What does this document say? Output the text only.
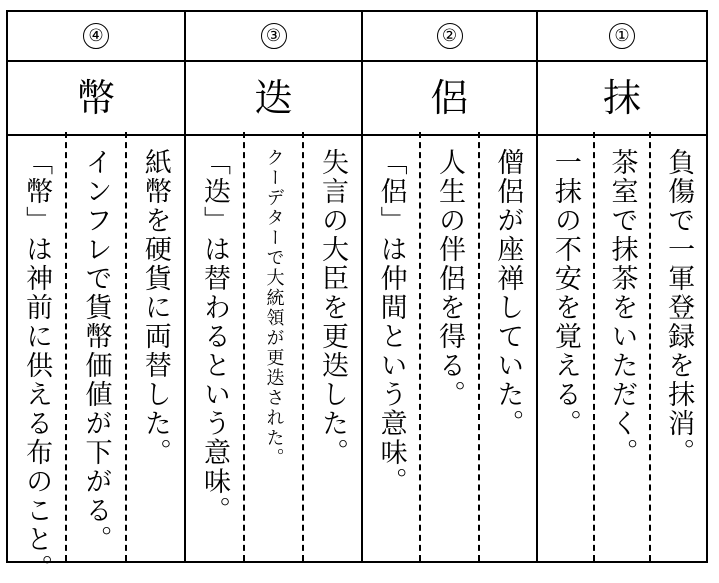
④
幣
紙幣を硬貨に両替した。
インフレで貨幣価値が下がる。
「幣」は神前に供える布のこと。
③
迭
失言の大臣を更迭した。
クーデターで大統領が更迭された。
「迭」は替わるという意味。
②
侶
僧侶が座禅していた。
人生の伴侶を得る。
「侶」は仲間という意味。
①
抹
負傷で一軍登録を抹消。
茶室で抹茶をいただく。
一抹の不安を覚える。
